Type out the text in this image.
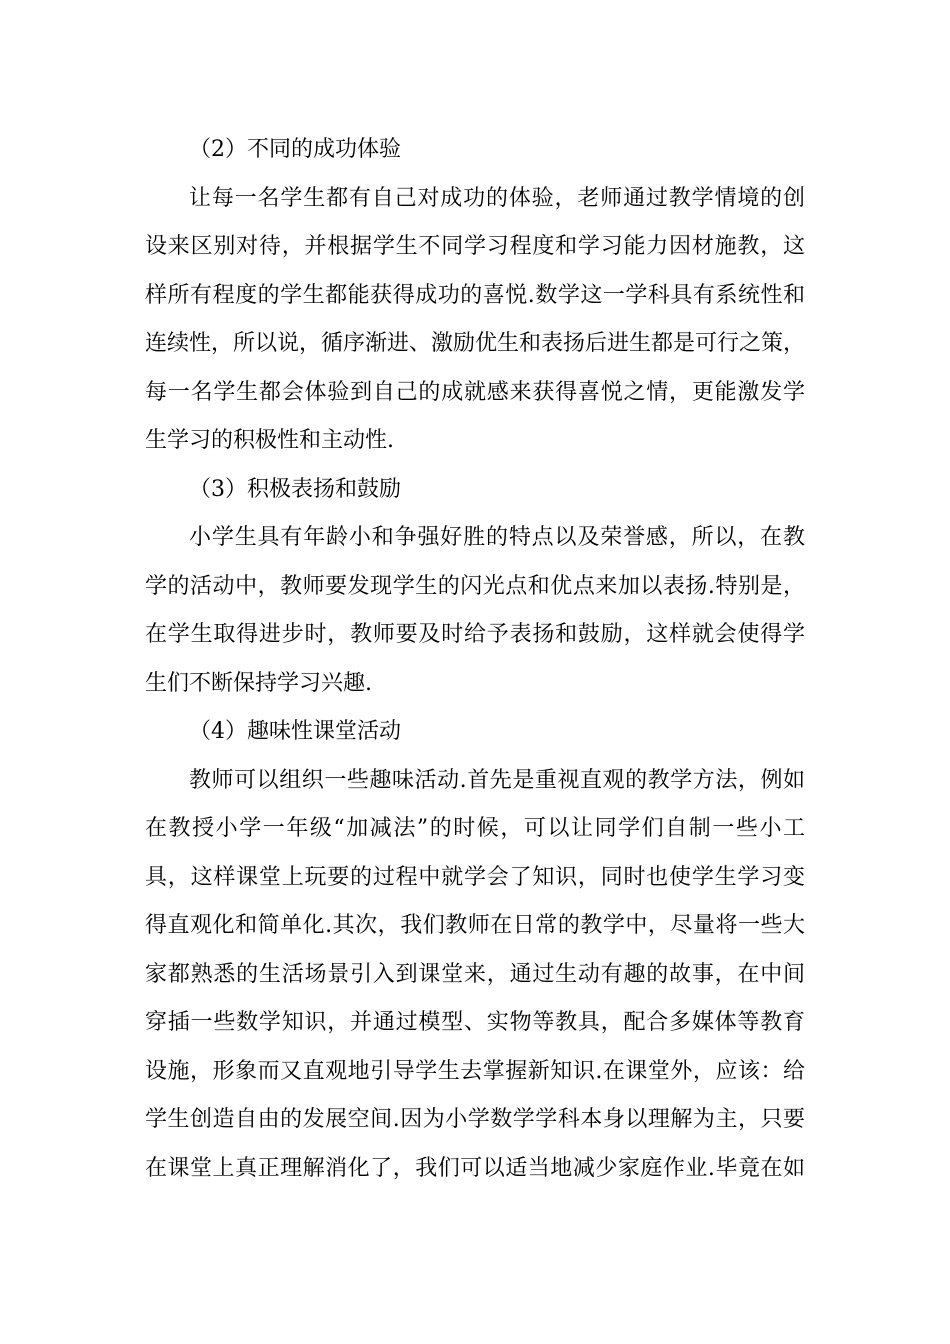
（2）不同的成功体验
让每一名学生都有自己对成功的体验，老师通过教学情境的创
设来区别对待，并根据学生不同学习程度和学习能力因材施教，这
样所有程度的学生都能获得成功的喜悦.数学这一学科具有系统性和
连续性，所以说，循序渐进、激励优生和表扬后进生都是可行之策，
每一名学生都会体验到自己的成就感来获得喜悦之情，更能激发学
生学习的积极性和主动性.
（3）积极表扬和鼓励
小学生具有年龄小和争强好胜的特点以及荣誉感，所以，在教
学的活动中，教师要发现学生的闪光点和优点来加以表扬.特别是，
在学生取得进步时，教师要及时给予表扬和鼓励，这样就会使得学
生们不断保持学习兴趣.
（4）趣味性课堂活动
教师可以组织一些趣味活动.首先是重视直观的教学方法，例如
在教授小学一年级“加减法”的时候，可以让同学们自制一些小工
具，这样课堂上玩要的过程中就学会了知识，同时也使学生学习变
得直观化和简单化.其次，我们教师在日常的教学中，尽量将一些大
家都熟悉的生活场景引入到课堂来，通过生动有趣的故事，在中间
穿插一些数学知识，并通过模型、实物等教具，配合多媒体等教育
设施，形象而又直观地引导学生去掌握新知识.在课堂外，应该：给
学生创造自由的发展空间.因为小学数学学科本身以理解为主，只要
在课堂上真正理解消化了，我们可以适当地减少家庭作业.毕竟在如
